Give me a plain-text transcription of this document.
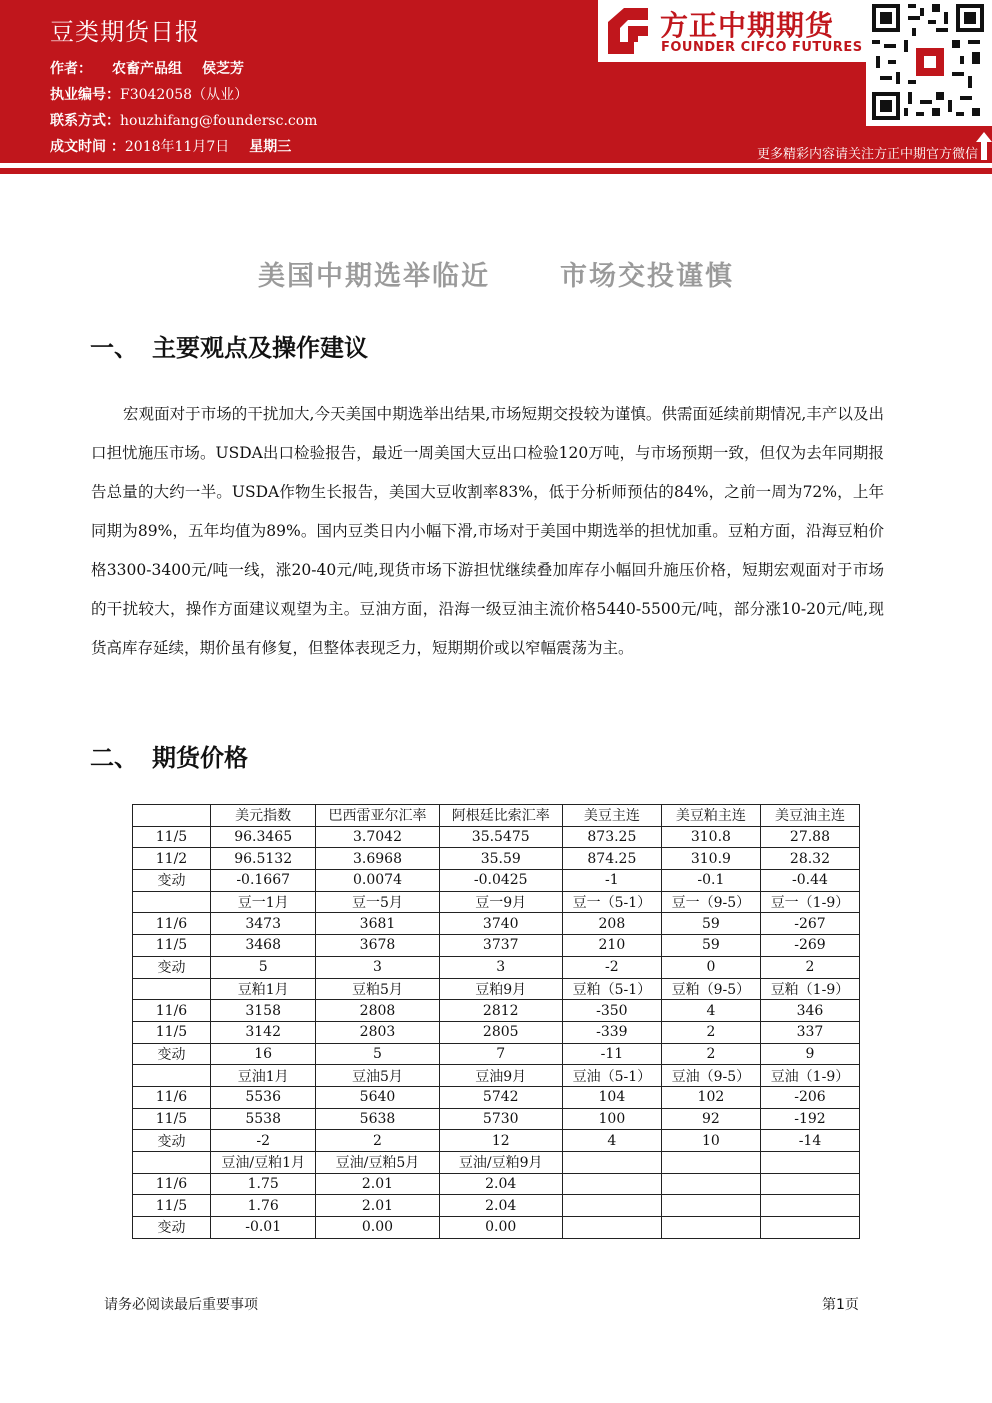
豆类期货日报
作者： 农畜产品组 侯芝芳
执业编号：F3042058（从业）
联系方式：houzhifang@foundersc.com
成文时间 ：2018年11月7日 星期三
方正中期期货
FOUNDER CIFCO FUTURES
更多精彩内容请关注方正中期官方微信
美国中期选举临近	市场交投谨慎
一、 主要观点及操作建议
宏观面对于市场的干扰加大,今天美国中期选举出结果,市场短期交投较为谨慎。供需面延续前期情况,丰产以及出口担忧施压市场。USDA出口检验报告，最近一周美国大豆出口检验120万吨，与市场预期一致，但仅为去年同期报告总量的大约一半。USDA作物生长报告，美国大豆收割率83%，低于分析师预估的84%，之前一周为72%，上年同期为89%，五年均值为89%。国内豆类日内小幅下滑,市场对于美国中期选举的担忧加重。豆粕方面，沿海豆粕价格3300-3400元/吨一线，涨20-40元/吨,现货市场下游担忧继续叠加库存小幅回升施压价格，短期宏观面对于市场的干扰较大，操作方面建议观望为主。豆油方面，沿海一级豆油主流价格5440-5500元/吨，部分涨10-20元/吨,现货高库存延续，期价虽有修复，但整体表现乏力，短期期价或以窄幅震荡为主。
二、 期货价格
	美元指数	巴西雷亚尔汇率	阿根廷比索汇率	美豆主连	美豆粕主连	美豆油主连
11/5	96.3465	3.7042	35.5475	873.25	310.8	27.88
11/2	96.5132	3.6968	35.59	874.25	310.9	28.32
变动	-0.1667	0.0074	-0.0425	-1	-0.1	-0.44
	豆一1月	豆一5月	豆一9月	豆一（5-1）	豆一（9-5）	豆一（1-9）
11/6	3473	3681	3740	208	59	-267
11/5	3468	3678	3737	210	59	-269
变动	5	3	3	-2	0	2
	豆粕1月	豆粕5月	豆粕9月	豆粕（5-1）	豆粕（9-5）	豆粕（1-9）
11/6	3158	2808	2812	-350	4	346
11/5	3142	2803	2805	-339	2	337
变动	16	5	7	-11	2	9
	豆油1月	豆油5月	豆油9月	豆油（5-1）	豆油（9-5）	豆油（1-9）
11/6	5536	5640	5742	104	102	-206
11/5	5538	5638	5730	100	92	-192
变动	-2	2	12	4	10	-14
	豆油/豆粕1月	豆油/豆粕5月	豆油/豆粕9月			
11/6	1.75	2.01	2.04			
11/5	1.76	2.01	2.04			
变动	-0.01	0.00	0.00			
请务必阅读最后重要事项	第1页
